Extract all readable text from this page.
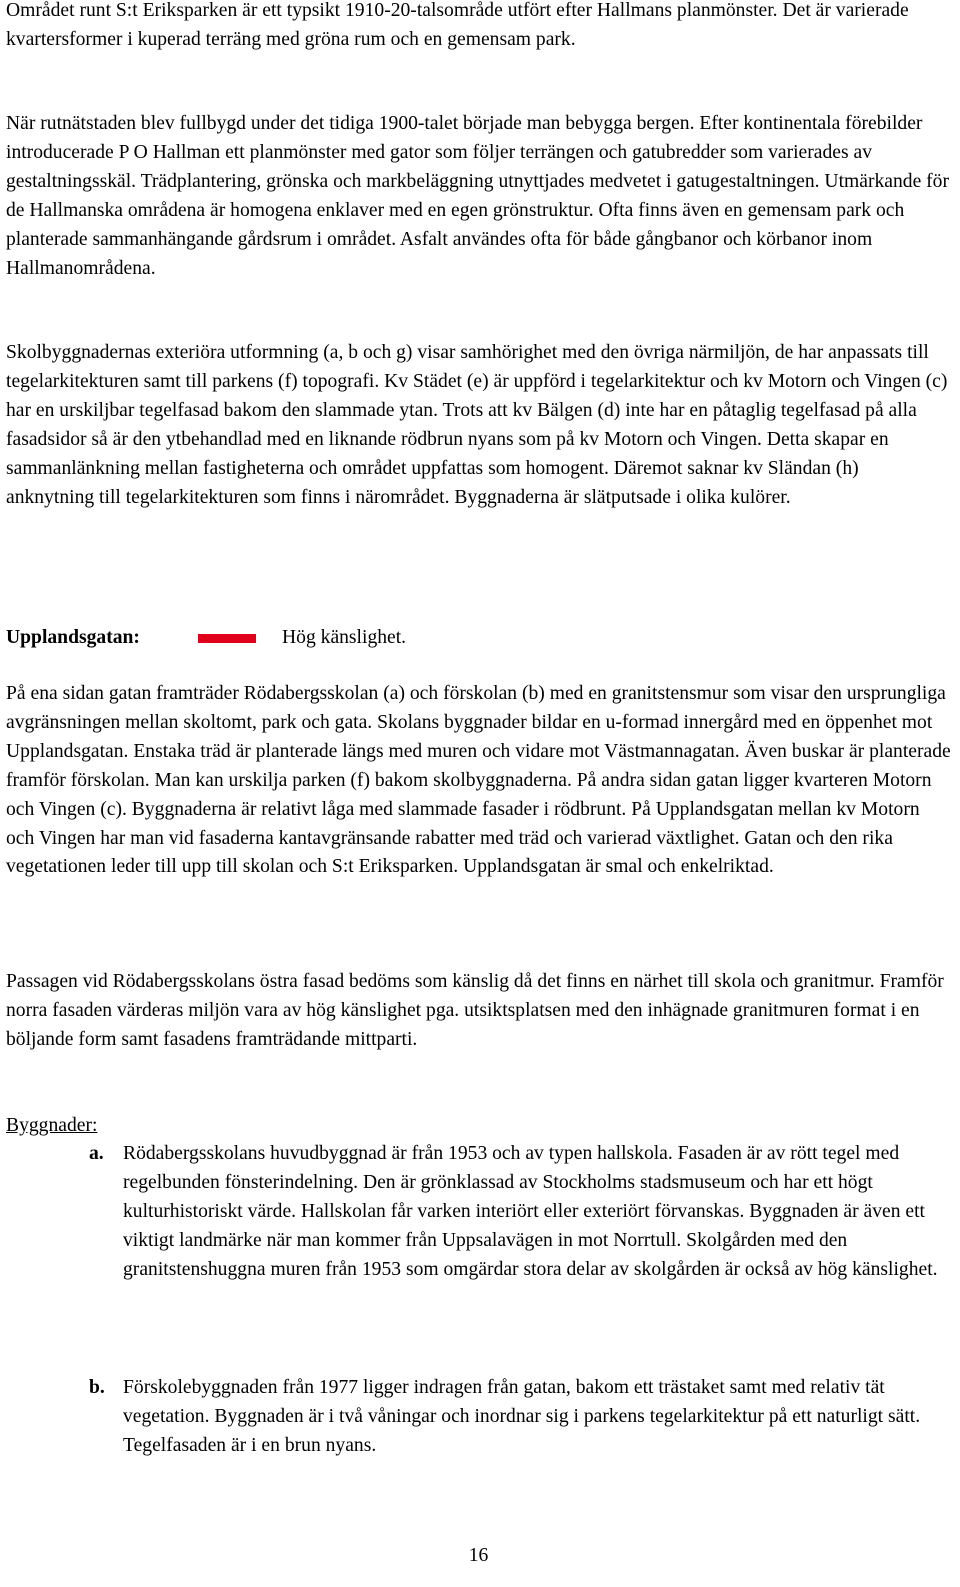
Området runt S:t Eriksparken är ett typsikt 1910-20-talsområde utfört efter Hallmans planmönster. Det är varierade kvartersformer i kuperad terräng med gröna rum och en gemensam park.

När rutnätstaden blev fullbygd under det tidiga 1900-talet började man bebygga bergen. Efter kontinentala förebilder introducerade P O Hallman ett planmönster med gator som följer terrängen och gatubredder som varierades av gestaltningsskäl. Trädplantering, grönska och markbeläggning utnyttjades medvetet i gatugestaltningen. Utmärkande för de Hallmanska områdena är homogena enklaver med en egen grönstruktur. Ofta finns även en gemensam park och planterade sammanhängande gårdsrum i området. Asfalt användes ofta för både gångbanor och körbanor inom Hallmanområdena.

Skolbyggnadernas exteriöra utformning (a, b och g) visar samhörighet med den övriga närmiljön, de har anpassats till tegelarkitekturen samt till parkens (f) topografi. Kv Städet (e) är uppförd i tegelarkitektur och kv Motorn och Vingen (c) har en urskiljbar tegelfasad bakom den slammade ytan. Trots att kv Bälgen (d) inte har en påtaglig tegelfasad på alla fasadsidor så är den ytbehandlad med en liknande rödbrun nyans som på kv Motorn och Vingen. Detta skapar en sammanlänkning mellan fastigheterna och området uppfattas som homogent. Däremot saknar kv Sländan (h) anknytning till tegelarkitekturen som finns i närområdet. Byggnaderna är slätputsade i olika kulörer.

Upplandsgatan:	Hög känslighet.

På ena sidan gatan framträder Rödabergsskolan (a) och förskolan (b) med en granitstensmur som visar den ursprungliga avgränsningen mellan skoltomt, park och gata. Skolans byggnader bildar en u-formad innergård med en öppenhet mot Upplandsgatan. Enstaka träd är planterade längs med muren och vidare mot Västmannagatan. Även buskar är planterade framför förskolan. Man kan urskilja parken (f) bakom skolbyggnaderna. På andra sidan gatan ligger kvarteren Motorn och Vingen (c). Byggnaderna är relativt låga med slammade fasader i rödbrunt. På Upplandsgatan mellan kv Motorn och Vingen har man vid fasaderna kantavgränsande rabatter med träd och varierad växtlighet. Gatan och den rika vegetationen leder till upp till skolan och S:t Eriksparken. Upplandsgatan är smal och enkelriktad.

Passagen vid Rödabergsskolans östra fasad bedöms som känslig då det finns en närhet till skola och granitmur. Framför norra fasaden värderas miljön vara av hög känslighet pga. utsiktsplatsen med den inhägnade granitmuren format i en böljande form samt fasadens framträdande mittparti.

Byggnader:
a. Rödabergsskolans huvudbyggnad är från 1953 och av typen hallskola. Fasaden är av rött tegel med regelbunden fönsterindelning. Den är grönklassad av Stockholms stadsmuseum och har ett högt kulturhistoriskt värde. Hallskolan får varken interiört eller exteriört förvanskas. Byggnaden är även ett viktigt landmärke när man kommer från Uppsalavägen in mot Norrtull. Skolgården med den granitstenshuggna muren från 1953 som omgärdar stora delar av skolgården är också av hög känslighet.

b. Förskolebyggnaden från 1977 ligger indragen från gatan, bakom ett trästaket samt med relativ tät vegetation. Byggnaden är i två våningar och inordnar sig i parkens tegelarkitektur på ett naturligt sätt. Tegelfasaden är i en brun nyans.

16
